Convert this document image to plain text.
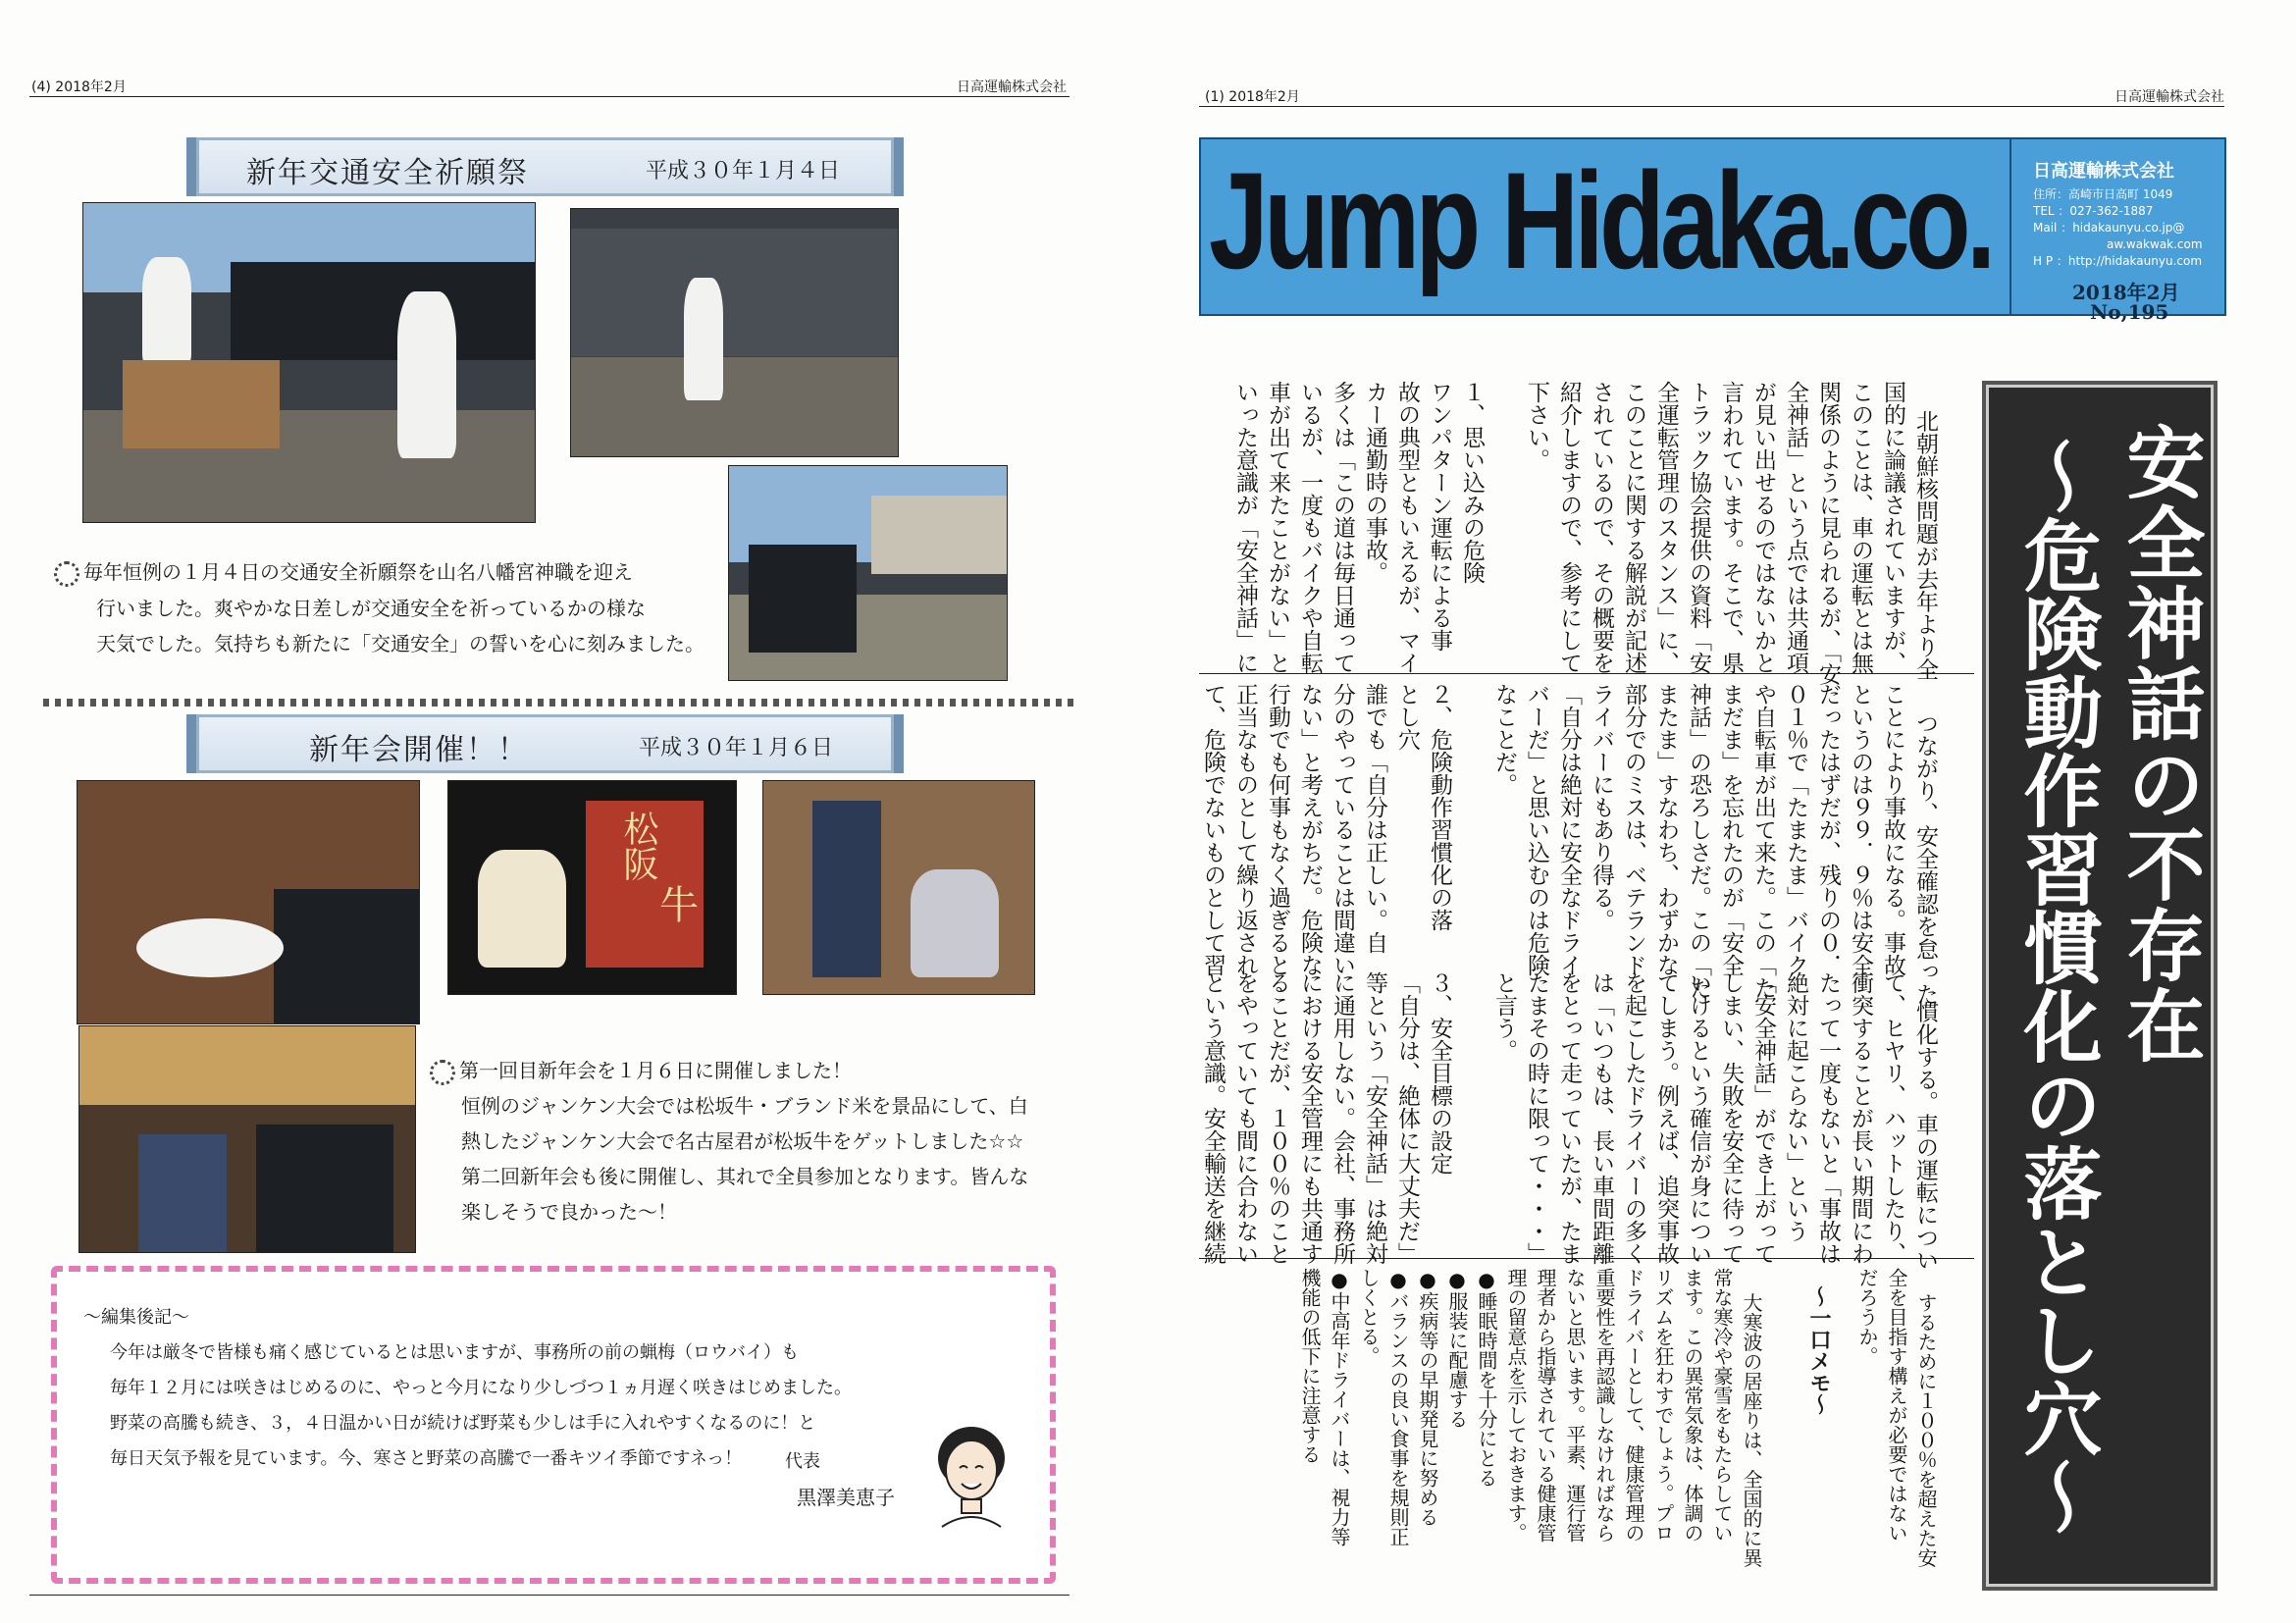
(4) 2018年2月	日高運輸株式会社
新年交通安全祈願祭	平成３０年１月４日
毎年恒例の１月４日の交通安全祈願祭を山名八幡宮神職を迎え
行いました。爽やかな日差しが交通安全を祈っているかの様な
天気でした。気持ちも新たに「交通安全」の誓いを心に刻みました。
新年会開催！！	平成３０年１月６日
松阪
牛
第一回目新年会を１月６日に開催しました！
恒例のジャンケン大会では松坂牛・ブランド米を景品にして、白
熱したジャンケン大会で名古屋君が松坂牛をゲットしました☆☆
第二回新年会も後に開催し、其れで全員参加となります。皆んな
楽しそうで良かった～！
～編集後記～
今年は厳冬で皆様も痛く感じているとは思いますが、事務所の前の蝋梅（ロウバイ）も
毎年１２月には咲きはじめるのに、やっと今月になり少しづつ１ヵ月遅く咲きはじめました。
野菜の高騰も続き、３，４日温かい日が続けば野菜も少しは手に入れやすくなるのに！と
毎日天気予報を見ています。今、寒さと野菜の高騰で一番キツイ季節ですネっ！ 代表
黒澤美恵子
(1) 2018年2月	日高運輸株式会社
Jump Hidaka.co. 日高運輸株式会社
住所：高崎市日高町 1049
TEL ：027-362-1887
Mail ：hidakaunyu.co.jp@
aw.wakwak.com
H P ：http://hidakaunyu.com
2018年2月
No,195
安全神話の不存在
～危険動作習慣化の落とし穴～

北朝鮮核問題が去年より全
国的に論議されていますが、
このことは、車の運転とは無
関係のように見られるが、「安
全神話」という点では共通項
が見い出せるのではないかと
言われています。そこで、県
トラック協会提供の資料「安
全運転管理のスタンス」に、
このことに関する解説が記述
されているので、その概要を
紹介しますので、参考にして
下さい。

１、思い込みの危険
ワンパターン運転による事
故の典型ともいえるが、マイ
カー通勤時の事故。
多くは「この道は毎日通って
いるが、一度もバイクや自転
車が出て来たことがない」と
いった意識が「安全神話」に

つながり、安全確認を怠った
ことにより事故になる。事故
というのは９９．９％は安全
だったはずだが、残りの０．
０１％で「たまたま」バイク
や自転車が出て来た。この「た
まだま」を忘れたのが「安全
神話」の恐ろしさだ。この「た
またま」すなわち、わずかな
部分でのミスは、ベテランド
ライバーにもあり得る。
「自分は絶対に安全なドライ
バーだ」と思い込むのは危険
なことだ。

２、危険動作習慣化の落
とし穴
誰でも「自分は正しい。自
分のやっていることは間違い
ない」と考えがちだ。危険な
行動でも何事もなく過ぎると
正当なものとして繰り返され
て、危険でないものとして習

慣化する。車の運転につい
て、ヒヤリ、ハットしたり、
衝突することが長い期間にわ
たって一度もないと「事故は
絶対に起こらない」という
「安全神話」ができ上がって
しまい、失敗を安全に待って
いけるという確信が身につい
てしまう。例えば、追突事故
を起こしたドライバーの多く
は「いつもは、長い車間距離
をとって走っていたが、たま
たまその時に限って・・・」
と言う。

３、安全目標の設定
「自分は、絶体に大丈夫だ」
等という「安全神話」は絶対
に通用しない。会社、事務所
における安全管理にも共通す
ることだが、１００％のこと
をやっていても間に合わない
という意識。安全輸送を継続

するために１００％を超えた安
全を目指す構えが必要ではない
だろうか。

～一口メモ～

大寒波の居座りは、全国的に異
常な寒冷や豪雪をもたらしてい
ます。この異常気象は、体調の
リズムを狂わすでしょう。プロ
ドライバーとして、健康管理の
重要性を再認識しなければなら
ないと思います。平素、運行管
理者から指導されている健康管
理の留意点を示しておきます。
●睡眠時間を十分にとる
●服装に配慮する
●疾病等の早期発見に努める
●バランスの良い食事を規則正
しくとる。
●中高年ドライバーは、視力等
機能の低下に注意する
